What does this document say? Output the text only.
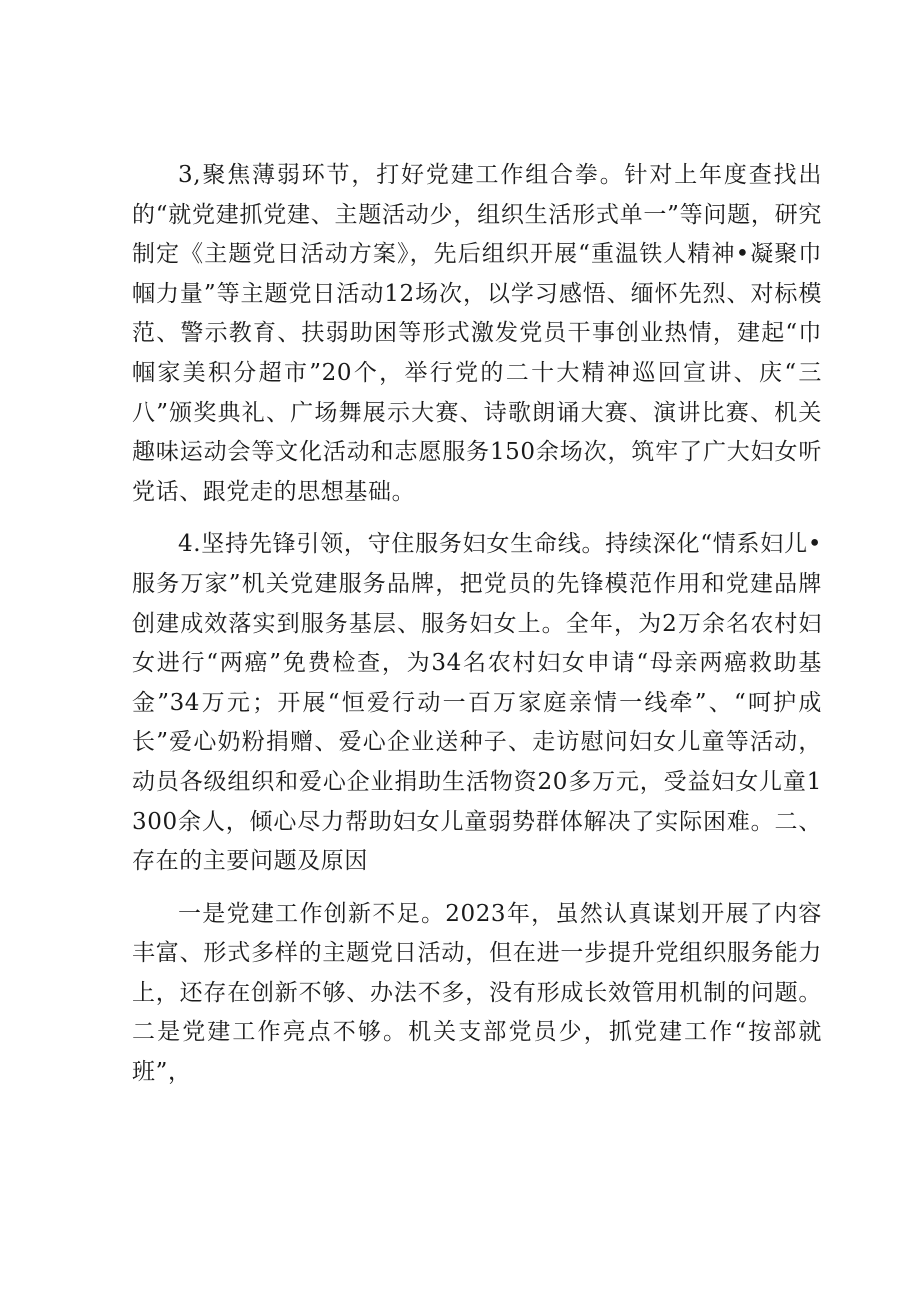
3,聚焦薄弱环节，打好党建工作组合拳。针对上年度查找出的“就党建抓党建、主题活动少，组织生活形式单一”等问题，研究制定《主题党日活动方案》，先后组织开展“重温铁人精神•凝聚巾帼力量”等主题党日活动12场次，以学习感悟、缅怀先烈、对标模范、警示教育、扶弱助困等形式激发党员干事创业热情，建起“巾帼家美积分超市”20个，举行党的二十大精神巡回宣讲、庆“三八”颁奖典礼、广场舞展示大赛、诗歌朗诵大赛、演讲比赛、机关趣味运动会等文化活动和志愿服务150余场次，筑牢了广大妇女听党话、跟党走的思想基础。

4.坚持先锋引领，守住服务妇女生命线。持续深化“情系妇儿•服务万家”机关党建服务品牌，把党员的先锋模范作用和党建品牌创建成效落实到服务基层、服务妇女上。全年，为2万余名农村妇女进行“两癌”免费检查，为34名农村妇女申请“母亲两癌救助基金”34万元；开展“恒爱行动一百万家庭亲情一线牵”、“呵护成长”爱心奶粉捐赠、爱心企业送种子、走访慰问妇女儿童等活动，动员各级组织和爱心企业捐助生活物资20多万元，受益妇女儿童1300余人，倾心尽力帮助妇女儿童弱势群体解决了实际困难。二、存在的主要问题及原因

一是党建工作创新不足。2023年，虽然认真谋划开展了内容丰富、形式多样的主题党日活动，但在进一步提升党组织服务能力上，还存在创新不够、办法不多，没有形成长效管用机制的问题。二是党建工作亮点不够。机关支部党员少，抓党建工作“按部就班”，
